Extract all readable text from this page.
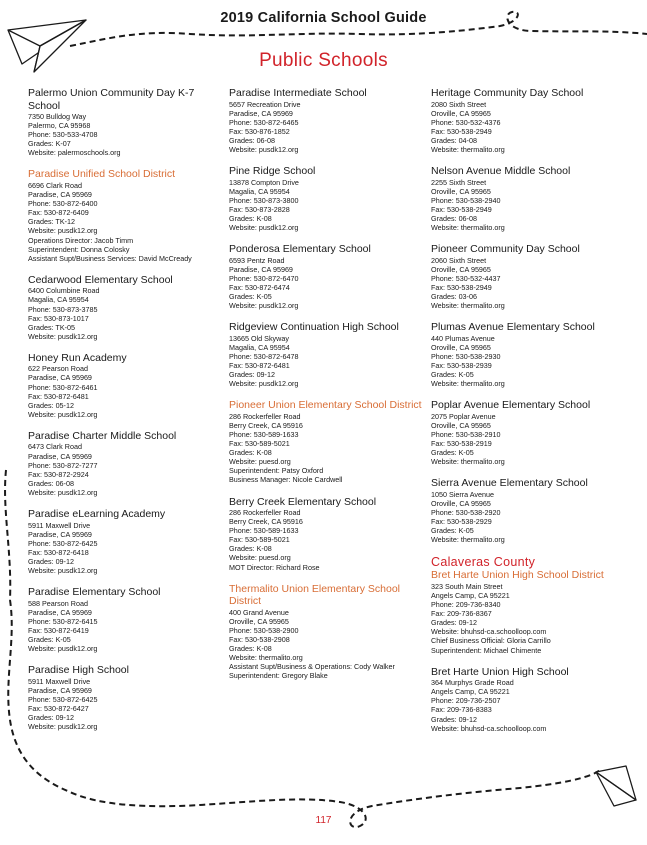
2019 California School Guide
Public Schools
Palermo Union Community Day K-7 School
7350 Bulldog Way
Palermo, CA 95968
Phone: 530-533-4708
Grades: K-07
Website: palermoschools.org
Paradise Unified School District
6696 Clark Road
Paradise, CA 95969
Phone: 530-872-6400
Fax: 530-872-6409
Grades: TK-12
Website: pusdk12.org
Operations Director: Jacob Timm
Superintendent: Donna Colosky
Assistant Supt/Business Services: David McCready
Cedarwood Elementary School
6400 Columbine Road
Magalia, CA 95954
Phone: 530-873-3785
Fax: 530-873-1017
Grades: TK-05
Website: pusdk12.org
Honey Run Academy
622 Pearson Road
Paradise, CA 95969
Phone: 530-872-6461
Fax: 530-872-6481
Grades: 05-12
Website: pusdk12.org
Paradise Charter Middle School
6473 Clark Road
Paradise, CA 95969
Phone: 530-872-7277
Fax: 530-872-2924
Grades: 06-08
Website: pusdk12.org
Paradise eLearning Academy
5911 Maxwell Drive
Paradise, CA 95969
Phone: 530-872-6425
Fax: 530-872-6418
Grades: 09-12
Website: pusdk12.org
Paradise Elementary School
588 Pearson Road
Paradise, CA 95969
Phone: 530-872-6415
Fax: 530-872-6419
Grades: K-05
Website: pusdk12.org
Paradise High School
5911 Maxwell Drive
Paradise, CA 95969
Phone: 530-872-6425
Fax: 530-872-6427
Grades: 09-12
Website: pusdk12.org
Paradise Intermediate School
5657 Recreation Drive
Paradise, CA 95969
Phone: 530-872-6465
Fax: 530-876-1852
Grades: 06-08
Website: pusdk12.org
Pine Ridge School
13878 Compton Drive
Magalia, CA 95954
Phone: 530-873-3800
Fax: 530-873-2828
Grades: K-08
Website: pusdk12.org
Ponderosa Elementary School
6593 Pentz Road
Paradise, CA 95969
Phone: 530-872-6470
Fax: 530-872-6474
Grades: K-05
Website: pusdk12.org
Ridgeview Continuation High School
13665 Old Skyway
Magalia, CA 95954
Phone: 530-872-6478
Fax: 530-872-6481
Grades: 09-12
Website: pusdk12.org
Pioneer Union Elementary School District
286 Rockerfeller Road
Berry Creek, CA 95916
Phone: 530-589-1633
Fax: 530-589-5021
Grades: K-08
Website: puesd.org
Superintendent: Patsy Oxford
Business Manager: Nicole Cardwell
Berry Creek Elementary School
286 Rockerfeller Road
Berry Creek, CA 95916
Phone: 530-589-1633
Fax: 530-589-5021
Grades: K-08
Website: puesd.org
MOT Director: Richard Rose
Thermalito Union Elementary School District
400 Grand Avenue
Oroville, CA 95965
Phone: 530-538-2900
Fax: 530-538-2908
Grades: K-08
Website: thermalito.org
Assistant Supt/Business & Operations: Cody Walker
Superintendent: Gregory Blake
Heritage Community Day School
2080 Sixth Street
Oroville, CA 95965
Phone: 530-532-4376
Fax: 530-538-2949
Grades: 04-08
Website: thermalito.org
Nelson Avenue Middle School
2255 Sixth Street
Oroville, CA 95965
Phone: 530-538-2940
Fax: 530-538-2949
Grades: 06-08
Website: thermalito.org
Pioneer Community Day School
2060 Sixth Street
Oroville, CA 95965
Phone: 530-532-4437
Fax: 530-538-2949
Grades: 03-06
Website: thermalito.org
Plumas Avenue Elementary School
440 Plumas Avenue
Oroville, CA 95965
Phone: 530-538-2930
Fax: 530-538-2939
Grades: K-05
Website: thermalito.org
Poplar Avenue Elementary School
2075 Poplar Avenue
Oroville, CA 95965
Phone: 530-538-2910
Fax: 530-538-2919
Grades: K-05
Website: thermalito.org
Sierra Avenue Elementary School
1050 Sierra Avenue
Oroville, CA 95965
Phone: 530-538-2920
Fax: 530-538-2929
Grades: K-05
Website: thermalito.org
Calaveras County
Bret Harte Union High School District
323 South Main Street
Angels Camp, CA 95221
Phone: 209-736-8340
Fax: 209-736-8367
Grades: 09-12
Website: bhuhsd-ca.schoolloop.com
Chief Business Official: Gloria Carrillo
Superintendent: Michael Chimente
Bret Harte Union High School
364 Murphys Grade Road
Angels Camp, CA 95221
Phone: 209-736-2507
Fax: 209-736-8383
Grades: 09-12
Website: bhuhsd-ca.schoolloop.com
117
